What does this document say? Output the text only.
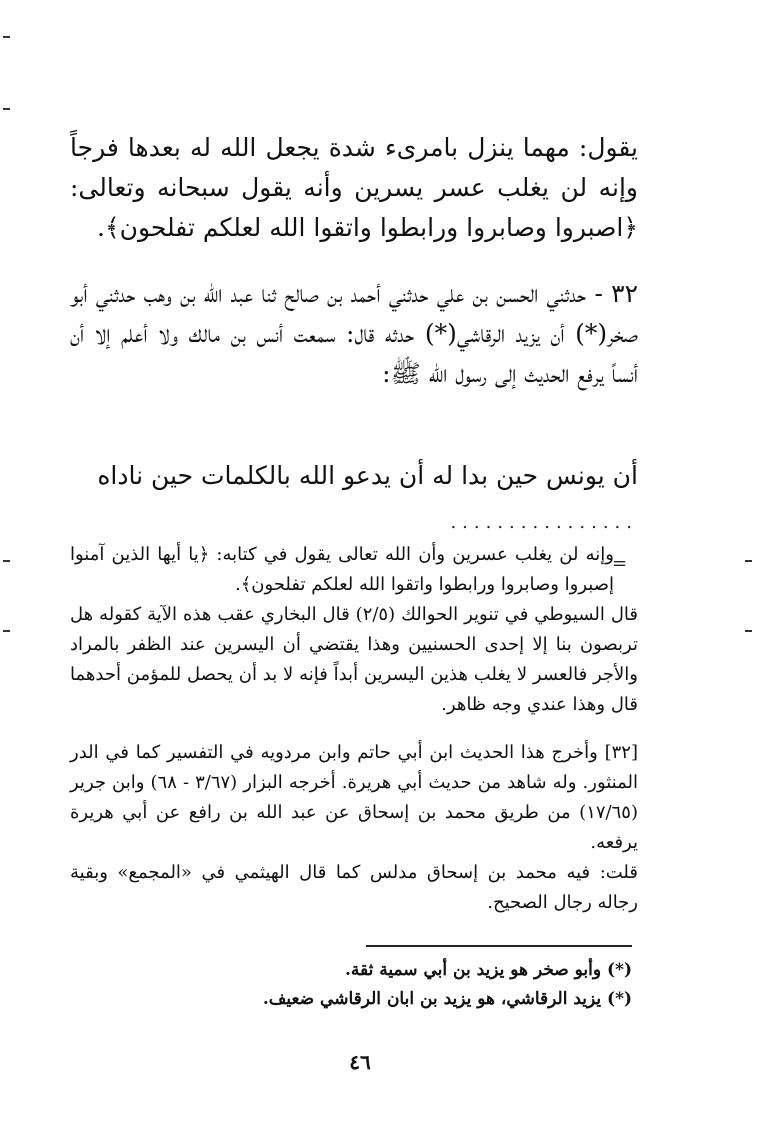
يقول: مهما ينزل بامرىء شدة يجعل الله له بعدها فرجاً وإنه لن يغلب عسر يسرين وأنه يقول سبحانه وتعالى: ﴿اصبروا وصابروا ورابطوا واتقوا الله لعلكم تفلحون﴾.

٣٢ - حدثني الحسن بن علي حدثني أحمد بن صالح ثنا عبد الله بن وهب حدثني أبو صخر(*) أن يزيد الرقاشي(*) حدثه قال: سمعت أنس بن مالك ولا أعلم إلا أن أنساً يرفع الحديث إلى رسول الله ﷺ:

أن يونس حين بدا له أن يدعو الله بالكلمات حين ناداه

................
=

وإنه لن يغلب عسرين وأن الله تعالى يقول في كتابه: ﴿يا أيها الذين آمنوا إصبروا وصابروا ورابطوا واتقوا الله لعلكم تفلحون﴾.

قال السيوطي في تنوير الحوالك (٢/٥) قال البخاري عقب هذه الآية كقوله هل تربصون بنا إلا إحدى الحسنيين وهذا يقتضي أن اليسرين عند الظفر بالمراد والأجر فالعسر لا يغلب هذين اليسرين أبداً فإنه لا بد أن يحصل للمؤمن أحدهما قال وهذا عندي وجه ظاهر.

[٣٢] وأخرج هذا الحديث ابن أبي حاتم وابن مردويه في التفسير كما في الدر المنثور. وله شاهد من حديث أبي هريرة. أخرجه البزار (٣/٦٧ - ٦٨) وابن جرير (١٧/٦٥) من طريق محمد بن إسحاق عن عبد الله بن رافع عن أبي هريرة يرفعه.

قلت: فيه محمد بن إسحاق مدلس كما قال الهيثمي في «المجمع» وبقية رجاله رجال الصحيح.

(*) وأبو صخر هو يزيد بن أبي سمية ثقة.

(*) يزيد الرقاشي، هو يزيد بن ابان الرقاشي ضعيف.

٤٦
